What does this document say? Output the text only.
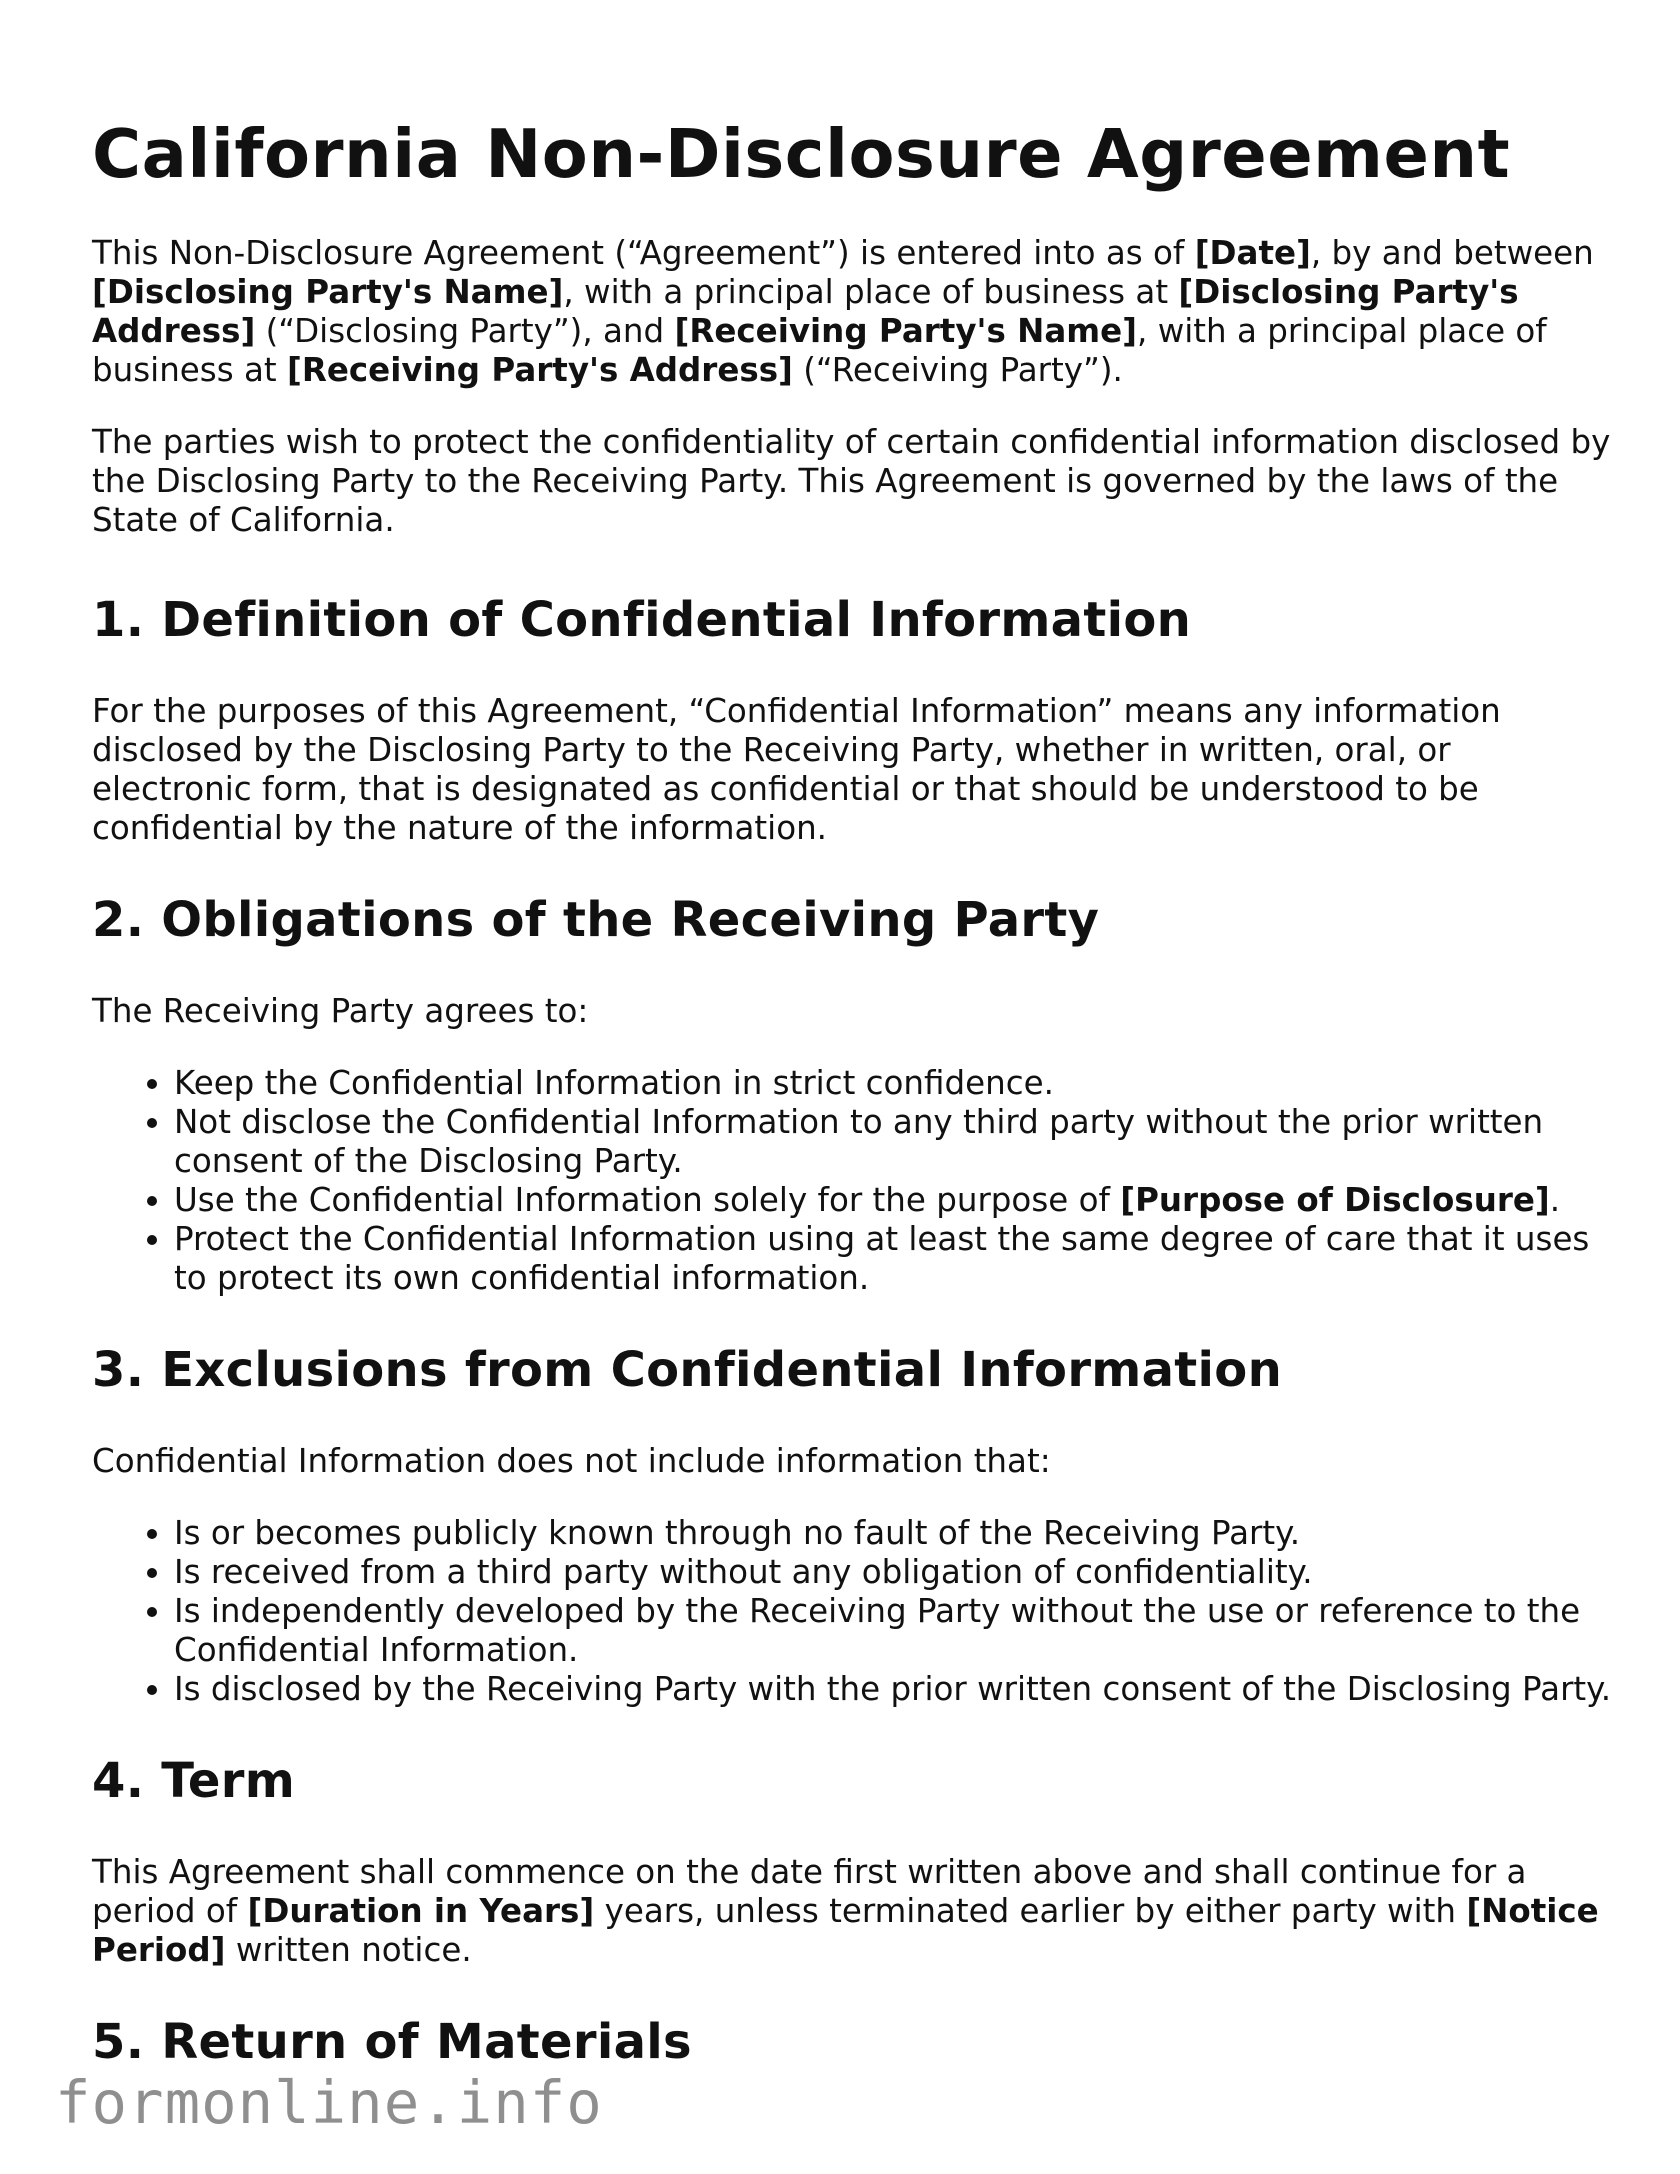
California Non-Disclosure Agreement

This Non-Disclosure Agreement (“Agreement”) is entered into as of [Date], by and between [Disclosing Party's Name], with a principal place of business at [Disclosing Party's Address] (“Disclosing Party”), and [Receiving Party's Name], with a principal place of business at [Receiving Party's Address] (“Receiving Party”).

The parties wish to protect the confidentiality of certain confidential information disclosed by the Disclosing Party to the Receiving Party. This Agreement is governed by the laws of the State of California.

1. Definition of Confidential Information

For the purposes of this Agreement, “Confidential Information” means any information disclosed by the Disclosing Party to the Receiving Party, whether in written, oral, or electronic form, that is designated as confidential or that should be understood to be confidential by the nature of the information.

2. Obligations of the Receiving Party

The Receiving Party agrees to:

• Keep the Confidential Information in strict confidence.
• Not disclose the Confidential Information to any third party without the prior written consent of the Disclosing Party.
• Use the Confidential Information solely for the purpose of [Purpose of Disclosure].
• Protect the Confidential Information using at least the same degree of care that it uses to protect its own confidential information.
3. Exclusions from Confidential Information

Confidential Information does not include information that:

• Is or becomes publicly known through no fault of the Receiving Party.
• Is received from a third party without any obligation of confidentiality.
• Is independently developed by the Receiving Party without the use or reference to the Confidential Information.
• Is disclosed by the Receiving Party with the prior written consent of the Disclosing Party.
4. Term

This Agreement shall commence on the date first written above and shall continue for a period of [Duration in Years] years, unless terminated earlier by either party with [Notice Period] written notice.

5. Return of Materials
formonline.info
